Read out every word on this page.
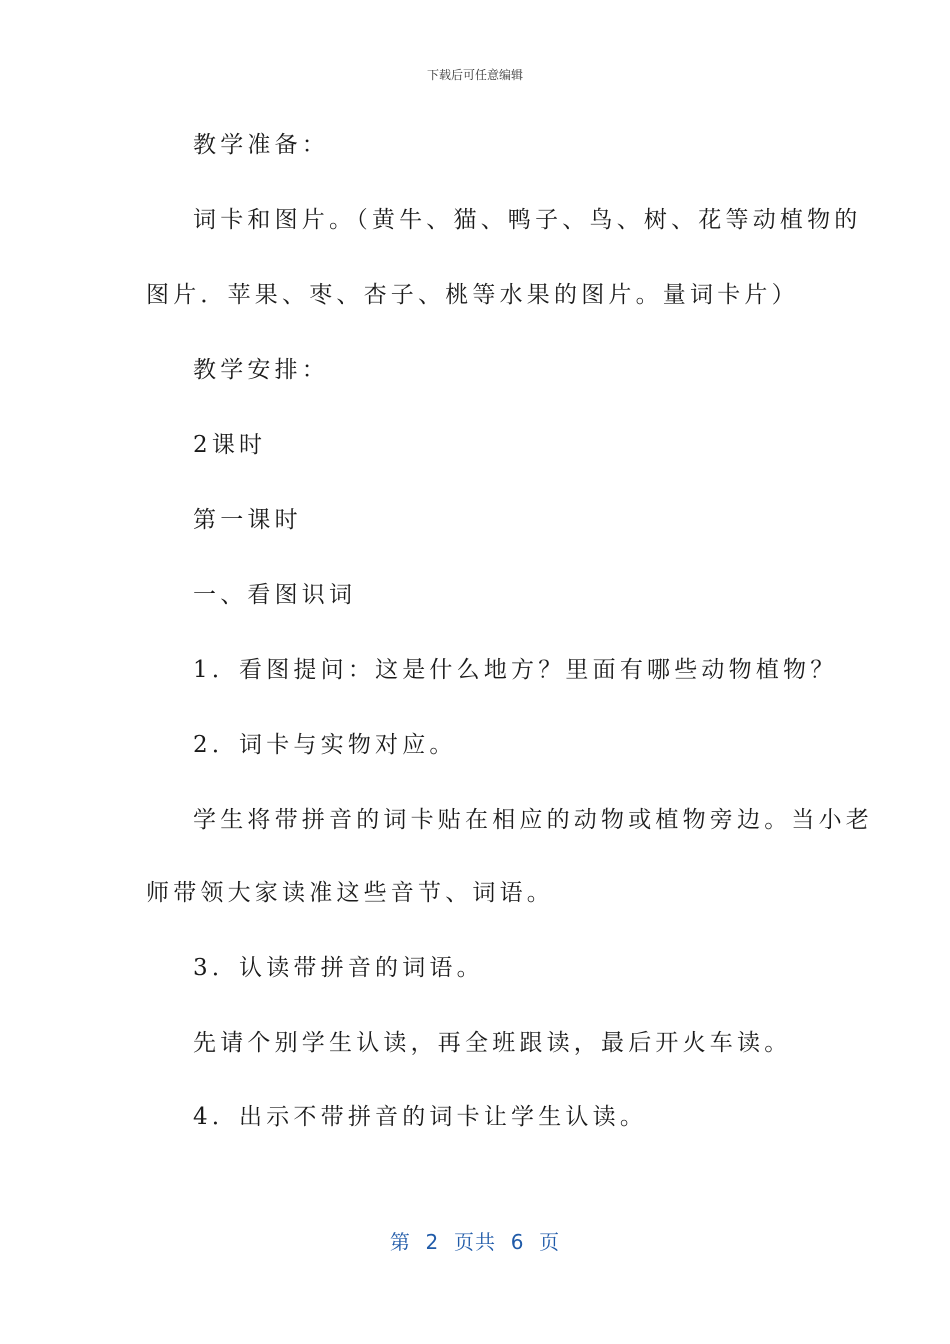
下载后可任意编辑
教学准备：
词卡和图片。（黄牛、猫、鸭子、鸟、树、花等动植物的
图片．苹果、枣、杏子、桃等水果的图片。量词卡片）
教学安排：
2课时
第一课时
一、看图识词
1．看图提问：这是什么地方？里面有哪些动物植物？
2．词卡与实物对应。
学生将带拼音的词卡贴在相应的动物或植物旁边。当小老
师带领大家读准这些音节、词语。
3．认读带拼音的词语。
先请个别学生认读，再全班跟读，最后开火车读。
4．出示不带拼音的词卡让学生认读。
第  2  页共  6  页
